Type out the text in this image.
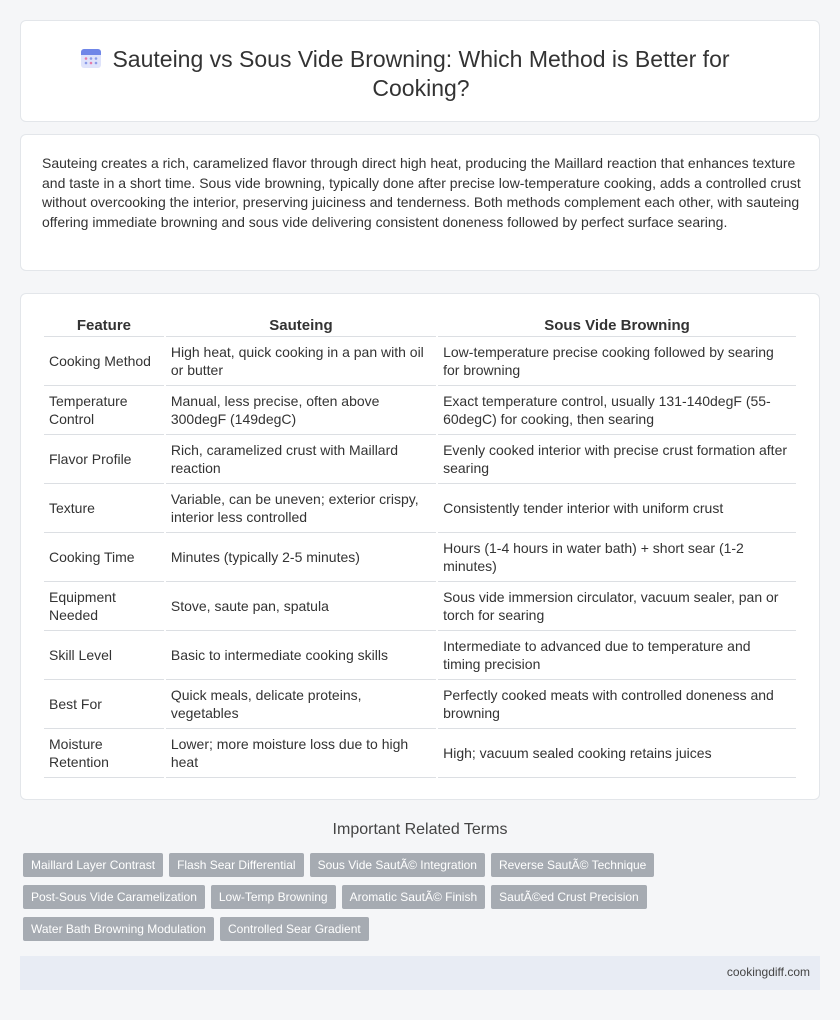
Sauteing vs Sous Vide Browning: Which Method is Better for Cooking?

Sauteing creates a rich, caramelized flavor through direct high heat, producing the Maillard reaction that enhances texture and taste in a short time. Sous vide browning, typically done after precise low-temperature cooking, adds a controlled crust without overcooking the interior, preserving juiciness and tenderness. Both methods complement each other, with sauteing offering immediate browning and sous vide delivering consistent doneness followed by perfect surface searing.

Feature	Sauteing	Sous Vide Browning
Cooking Method	High heat, quick cooking in a pan with oil or butter	Low-temperature precise cooking followed by searing for browning
Temperature Control	Manual, less precise, often above 300degF (149degC)	Exact temperature control, usually 131-140degF (55-60degC) for cooking, then searing
Flavor Profile	Rich, caramelized crust with Maillard reaction	Evenly cooked interior with precise crust formation after searing
Texture	Variable, can be uneven; exterior crispy, interior less controlled	Consistently tender interior with uniform crust
Cooking Time	Minutes (typically 2-5 minutes)	Hours (1-4 hours in water bath) + short sear (1-2 minutes)
Equipment Needed	Stove, saute pan, spatula	Sous vide immersion circulator, vacuum sealer, pan or torch for searing
Skill Level	Basic to intermediate cooking skills	Intermediate to advanced due to temperature and timing precision
Best For	Quick meals, delicate proteins, vegetables	Perfectly cooked meats with controlled doneness and browning
Moisture Retention	Lower; more moisture loss due to high heat	High; vacuum sealed cooking retains juices
Important Related Terms
Maillard Layer Contrast	Flash Sear Differential	Sous Vide SautÃ© Integration	Reverse SautÃ© Technique
Post-Sous Vide Caramelization	Low-Temp Browning	Aromatic SautÃ© Finish	SautÃ©ed Crust Precision
Water Bath Browning Modulation	Controlled Sear Gradient
cookingdiff.com
